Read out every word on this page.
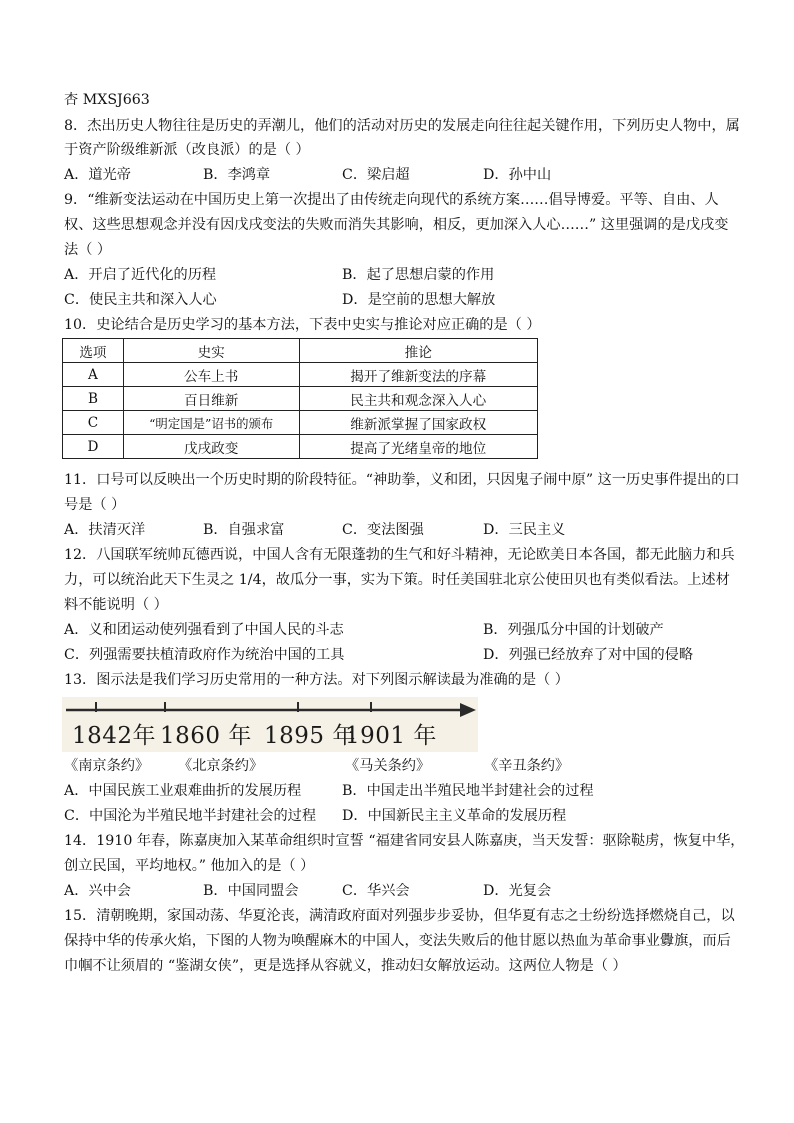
杏 MXSJ663
8．杰出历史人物往往是历史的弄潮儿，他们的活动对历史的发展走向往往起关键作用，下列历史人物中，属
于资产阶级维新派（改良派）的是（ ）
A．道光帝	B．李鸿章	C．梁启超	D．孙中山
9．“维新变法运动在中国历史上第一次提出了由传统走向现代的系统方案……倡导博爱。平等、自由、人
权、这些思想观念并没有因戊戌变法的失败而消失其影响，相反，更加深入人心……” 这里强调的是戊戌变
法（ ）
A．开启了近代化的历程	B．起了思想启蒙的作用
C．使民主共和深入人心	D．是空前的思想大解放
10．史论结合是历史学习的基本方法，下表中史实与推论对应正确的是（ ）
选项	史实	推论
A	公车上书	揭开了维新变法的序幕
B	百日维新	民主共和观念深入人心
C	“明定国是”诏书的颁布	维新派掌握了国家政权
D	戊戌政变	提高了光绪皇帝的地位
11．口号可以反映出一个历史时期的阶段特征。“神助拳，义和团，只因鬼子闹中原” 这一历史事件提出的口
号是（ ）
A．扶清灭洋	B．自强求富	C．变法图强	D．三民主义
12．八国联军统帅瓦德西说，中国人含有无限蓬勃的生气和好斗精神，无论欧美日本各国，都无此脑力和兵
力，可以统治此天下生灵之 1/4，故瓜分一事，实为下策。时任美国驻北京公使田贝也有类似看法。上述材
料不能说明（ ）
A．义和团运动使列强看到了中国人民的斗志	B．列强瓜分中国的计划破产
C．列强需要扶植清政府作为统治中国的工具	D．列强已经放弃了对中国的侵略
13．图示法是我们学习历史常用的一种方法。对下列图示解读最为准确的是（ ）
1842年 1860 年 1895 年
1901 年
《南京条约》 《北京条约》	《马关条约》	《辛丑条约》
A．中国民族工业艰难曲折的发展历程	B．中国走出半殖民地半封建社会的过程
C．中国沦为半殖民地半封建社会的过程 D．中国新民主主义革命的发展历程
14．1910 年春，陈嘉庚加入某革命组织时宣誓 “福建省同安县人陈嘉庚，当天发誓：驱除鞑虏，恢复中华，
创立民国，平均地权。” 他加入的是（ ）
A．兴中会	B．中国同盟会	C．华兴会	D．光复会
15．清朝晚期，家国动荡、华夏沦丧，满清政府面对列强步步妥协，但华夏有志之士纷纷选择燃烧自己，以
保持中华的传承火焰，下图的人物为唤醒麻木的中国人，变法失败后的他甘愿以热血为革命事业釁旗，而后
巾帼不让须眉的 “鉴湖女侠”，更是选择从容就义，推动妇女解放运动。这两位人物是（ ）
